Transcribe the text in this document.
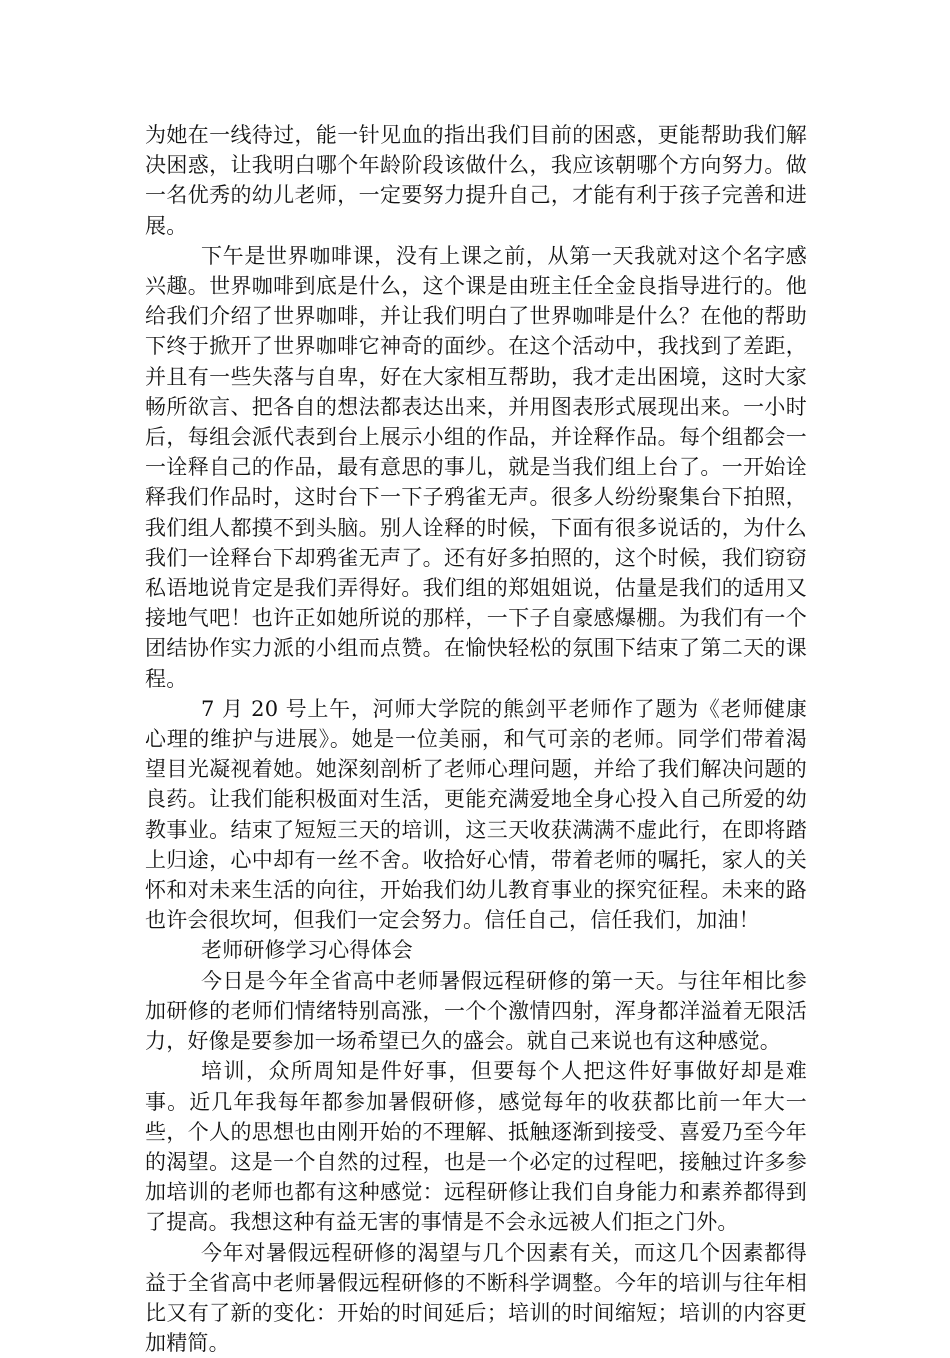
为她在一线待过，能一针见血的指出我们目前的困惑，更能帮助我们解决困惑，让我明白哪个年龄阶段该做什么，我应该朝哪个方向努力。做一名优秀的幼儿老师，一定要努力提升自己，才能有利于孩子完善和进展。

下午是世界咖啡课，没有上课之前，从第一天我就对这个名字感兴趣。世界咖啡到底是什么，这个课是由班主任全金良指导进行的。他给我们介绍了世界咖啡，并让我们明白了世界咖啡是什么？在他的帮助下终于掀开了世界咖啡它神奇的面纱。在这个活动中，我找到了差距，并且有一些失落与自卑，好在大家相互帮助，我才走出困境，这时大家畅所欲言、把各自的想法都表达出来，并用图表形式展现出来。一小时后，每组会派代表到台上展示小组的作品，并诠释作品。每个组都会一一诠释自己的作品，最有意思的事儿，就是当我们组上台了。一开始诠释我们作品时，这时台下一下子鸦雀无声。很多人纷纷聚集台下拍照，我们组人都摸不到头脑。别人诠释的时候，下面有很多说话的，为什么我们一诠释台下却鸦雀无声了。还有好多拍照的，这个时候，我们窃窃私语地说肯定是我们弄得好。我们组的郑姐姐说，估量是我们的适用又接地气吧！也许正如她所说的那样，一下子自豪感爆棚。为我们有一个团结协作实力派的小组而点赞。在愉快轻松的氛围下结束了第二天的课程。

7 月 20 号上午，河师大学院的熊剑平老师作了题为《老师健康心理的维护与进展》。她是一位美丽，和气可亲的老师。同学们带着渴望目光凝视着她。她深刻剖析了老师心理问题，并给了我们解决问题的良药。让我们能积极面对生活，更能充满爱地全身心投入自己所爱的幼教事业。结束了短短三天的培训，这三天收获满满不虚此行，在即将踏上归途，心中却有一丝不舍。收拾好心情，带着老师的嘱托，家人的关怀和对未来生活的向往，开始我们幼儿教育事业的探究征程。未来的路也许会很坎坷，但我们一定会努力。信任自己，信任我们，加油！

老师研修学习心得体会

今日是今年全省高中老师暑假远程研修的第一天。与往年相比参加研修的老师们情绪特别高涨，一个个激情四射，浑身都洋溢着无限活力，好像是要参加一场希望已久的盛会。就自己来说也有这种感觉。

培训，众所周知是件好事，但要每个人把这件好事做好却是难事。近几年我每年都参加暑假研修，感觉每年的收获都比前一年大一些，个人的思想也由刚开始的不理解、抵触逐渐到接受、喜爱乃至今年的渴望。这是一个自然的过程，也是一个必定的过程吧，接触过许多参加培训的老师也都有这种感觉：远程研修让我们自身能力和素养都得到了提高。我想这种有益无害的事情是不会永远被人们拒之门外。

今年对暑假远程研修的渴望与几个因素有关，而这几个因素都得益于全省高中老师暑假远程研修的不断科学调整。今年的培训与往年相比又有了新的变化：开始的时间延后；培训的时间缩短；培训的内容更加精简。
